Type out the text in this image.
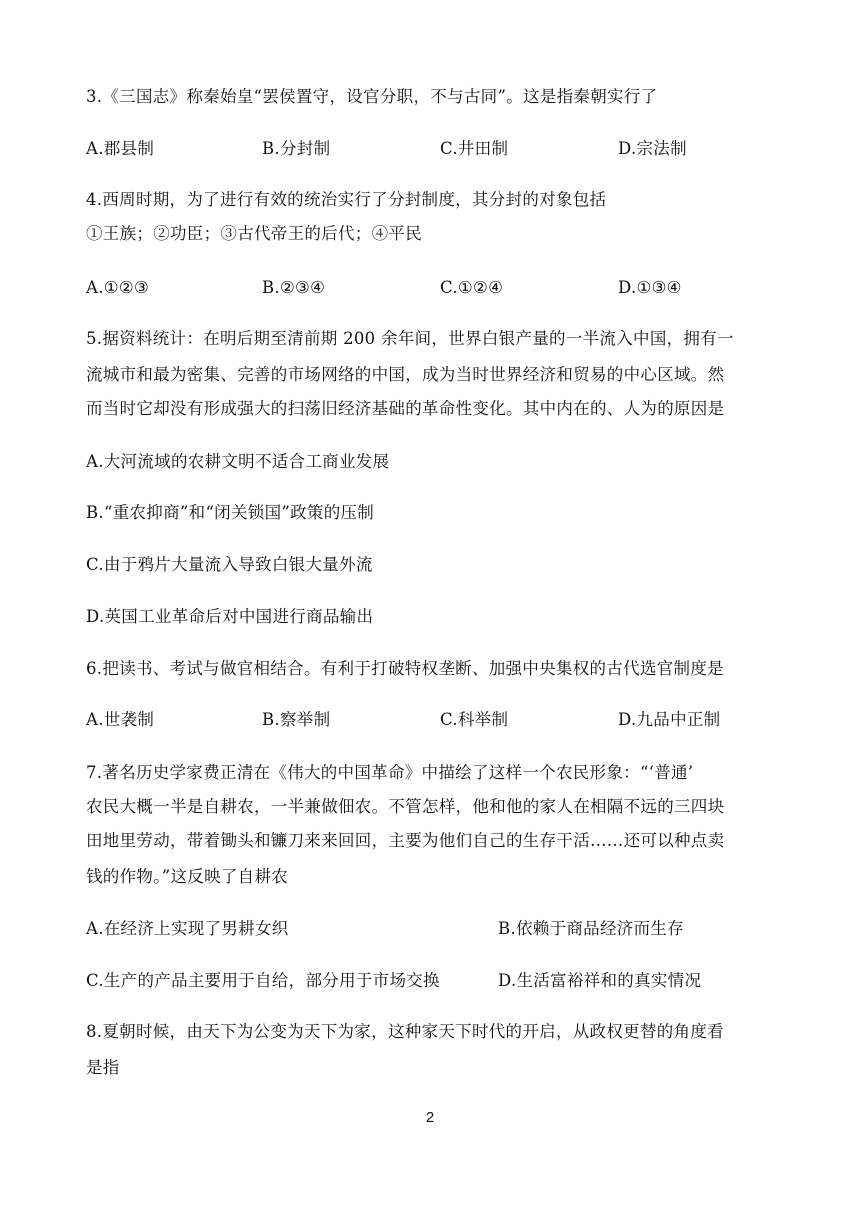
3.《三国志》称秦始皇“罢侯置守，设官分职，不与古同”。这是指秦朝实行了
A.郡县制	B.分封制	C.井田制	D.宗法制
4.西周时期，为了进行有效的统治实行了分封制度，其分封的对象包括
①王族；②功臣；③古代帝王的后代；④平民
A.①②③	B.②③④	C.①②④	D.①③④
5.据资料统计：在明后期至清前期 200 余年间，世界白银产量的一半流入中国，拥有一
流城市和最为密集、完善的市场网络的中国，成为当时世界经济和贸易的中心区域。然
而当时它却没有形成强大的扫荡旧经济基础的革命性变化。其中内在的、人为的原因是
A.大河流域的农耕文明不适合工商业发展
B.“重农抑商”和“闭关锁国”政策的压制
C.由于鸦片大量流入导致白银大量外流
D.英国工业革命后对中国进行商品输出
6.把读书、考试与做官相结合。有利于打破特权垄断、加强中央集权的古代选官制度是
A.世袭制	B.察举制	C.科举制	D.九品中正制
7.著名历史学家费正清在《伟大的中国革命》中描绘了这样一个农民形象：“‘普通’
农民大概一半是自耕农，一半兼做佃农。不管怎样，他和他的家人在相隔不远的三四块
田地里劳动，带着锄头和镰刀来来回回，主要为他们自己的生存干活……还可以种点卖
钱的作物。”这反映了自耕农
A.在经济上实现了男耕女织	B.依赖于商品经济而生存
C.生产的产品主要用于自给，部分用于市场交换	D.生活富裕祥和的真实情况
8.夏朝时候，由天下为公变为天下为家，这种家天下时代的开启，从政权更替的角度看
是指
2
